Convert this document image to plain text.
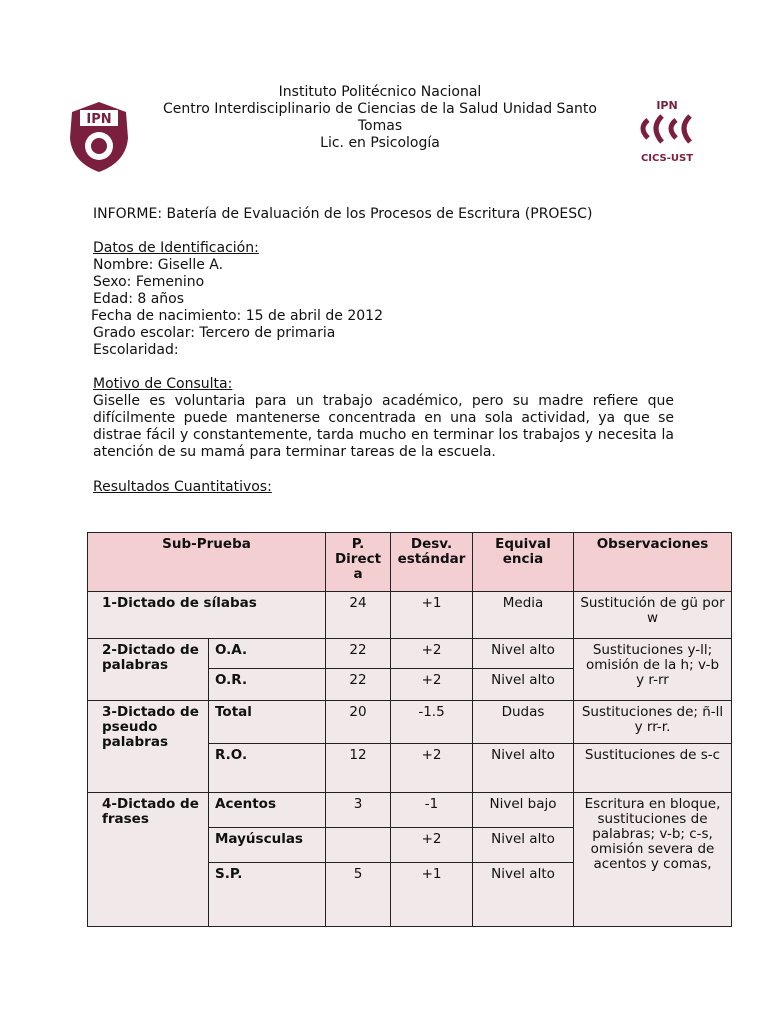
IPN
Instituto Politécnico Nacional
Centro Interdisciplinario de Ciencias de la Salud Unidad Santo
Tomas
Lic. en Psicología
IPN
CICS-UST
INFORME: Batería de Evaluación de los Procesos de Escritura (PROESC)
Datos de Identificación:
Nombre: Giselle A.
Sexo: Femenino
Edad: 8 años
Fecha de nacimiento: 15 de abril de 2012
Grado escolar: Tercero de primaria
Escolaridad:
Motivo de Consulta:
Giselle es voluntaria para un trabajo académico, pero su madre refiere que difícilmente puede mantenerse concentrada en una sola actividad, ya que se distrae fácil y constantemente, tarda mucho en terminar los trabajos y necesita la atención de su mamá para terminar tareas de la escuela.
Resultados Cuantitativos:
Sub-Prueba		P. Direct a	Desv. estándar	Equival encia	Observaciones
1-Dictado de sílabas		24	+1	Media	Sustitución de gü por w
2-Dictado de palabras	O.A.	22	+2	Nivel alto	Sustituciones y-ll; omisión de la h; v-b y r-rr
	O.R.	22	+2	Nivel alto	
3-Dictado de pseudo palabras	Total	20	-1.5	Dudas	Sustituciones de; ñ-ll y rr-r.
	R.O.	12	+2	Nivel alto	Sustituciones de s-c
4-Dictado de frases	Acentos	3	-1	Nivel bajo	Escritura en bloque, sustituciones de palabras; v-b; c-s, omisión severa de acentos y comas,
	Mayúsculas		+2	Nivel alto	
	S.P.	5	+1	Nivel alto	
